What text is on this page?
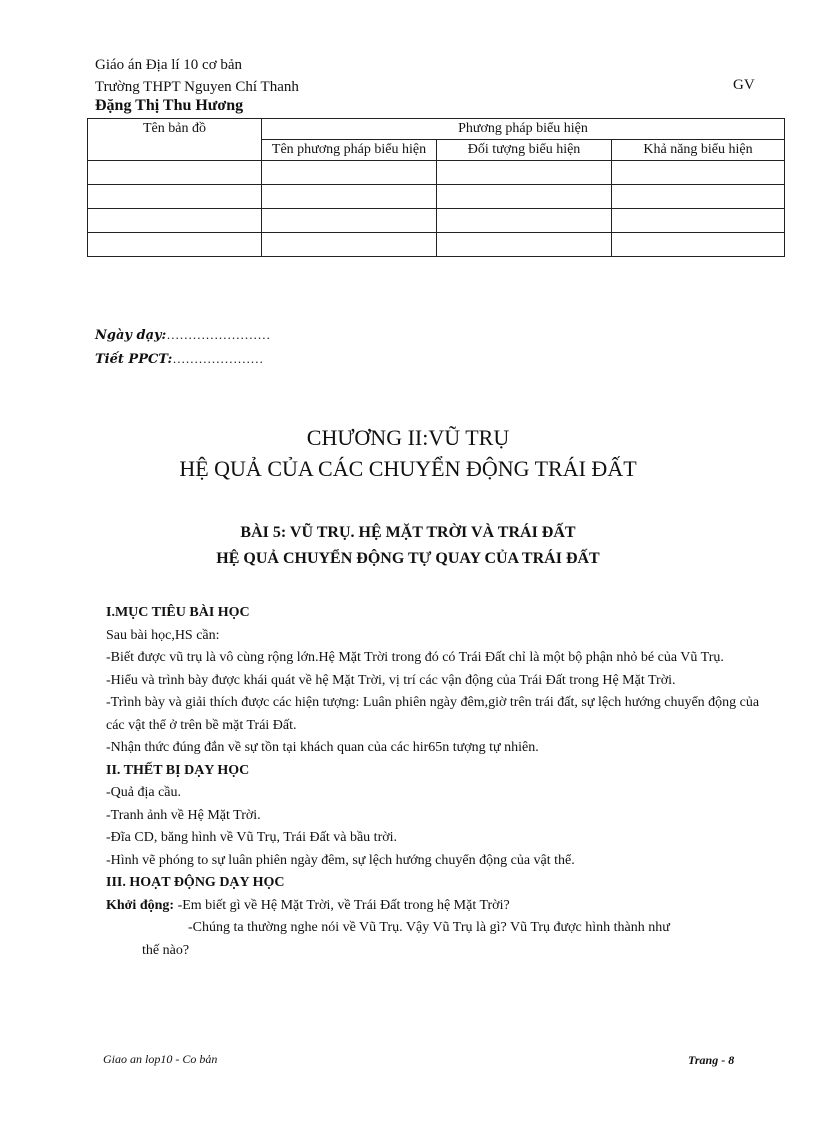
Giáo án Địa lí 10 cơ bản
Trường THPT Nguyen Chí Thanh	GV
Đặng Thị Thu Hương
Tên bản đồ	Phương pháp biểu hiện		
	Tên phương pháp biểu hiện	Đối tượng biểu hiện	Khả năng biểu hiện

Ngày dạy:……………………
Tiết PPCT:…………………
CHƯƠNG II:VŨ TRỤ
HỆ QUẢ CỦA CÁC CHUYỂN ĐỘNG TRÁI ĐẤT
BÀI 5: VŨ TRỤ. HỆ MẶT TRỜI VÀ TRÁI ĐẤT
HỆ QUẢ CHUYỂN ĐỘNG TỰ QUAY CỦA TRÁI ĐẤT
I.MỤC TIÊU BÀI HỌC
Sau bài học,HS cần:
-Biết được vũ trụ là vô cùng rộng lớn.Hệ Mặt Trời trong đó có Trái Đất chỉ là một bộ phận nhỏ bé của Vũ Trụ.
-Hiểu và trình bày được khái quát về hệ Mặt Trời, vị trí các vận động của Trái Đất trong Hệ Mặt Trời.
-Trình bày và giải thích được các hiện tượng: Luân phiên ngày đêm,giờ trên trái đất, sự lệch hướng chuyển động của các vật thể ở trên bề mặt Trái Đất.
-Nhận thức đúng đắn về sự tồn tại khách quan của các hir65n tượng tự nhiên.
II. THẾT BỊ DẠY HỌC
-Quả địa cầu.
-Tranh ảnh về Hệ Mặt Trời.
-Đĩa CD, băng hình về Vũ Trụ, Trái Đất và bầu trời.
-Hình vẽ phóng to sự luân phiên ngày đêm, sự lệch hướng chuyển động của vật thể.
III. HOẠT ĐỘNG DẠY HỌC
Khởi động: -Em biết gì về Hệ Mặt Trời, về Trái Đất trong hệ Mặt Trời?
-Chúng ta thường nghe nói về Vũ Trụ. Vậy Vũ Trụ là gì? Vũ Trụ được hình thành như
thế nào?
Giao an lop10 - Co bản	Trang - 8
